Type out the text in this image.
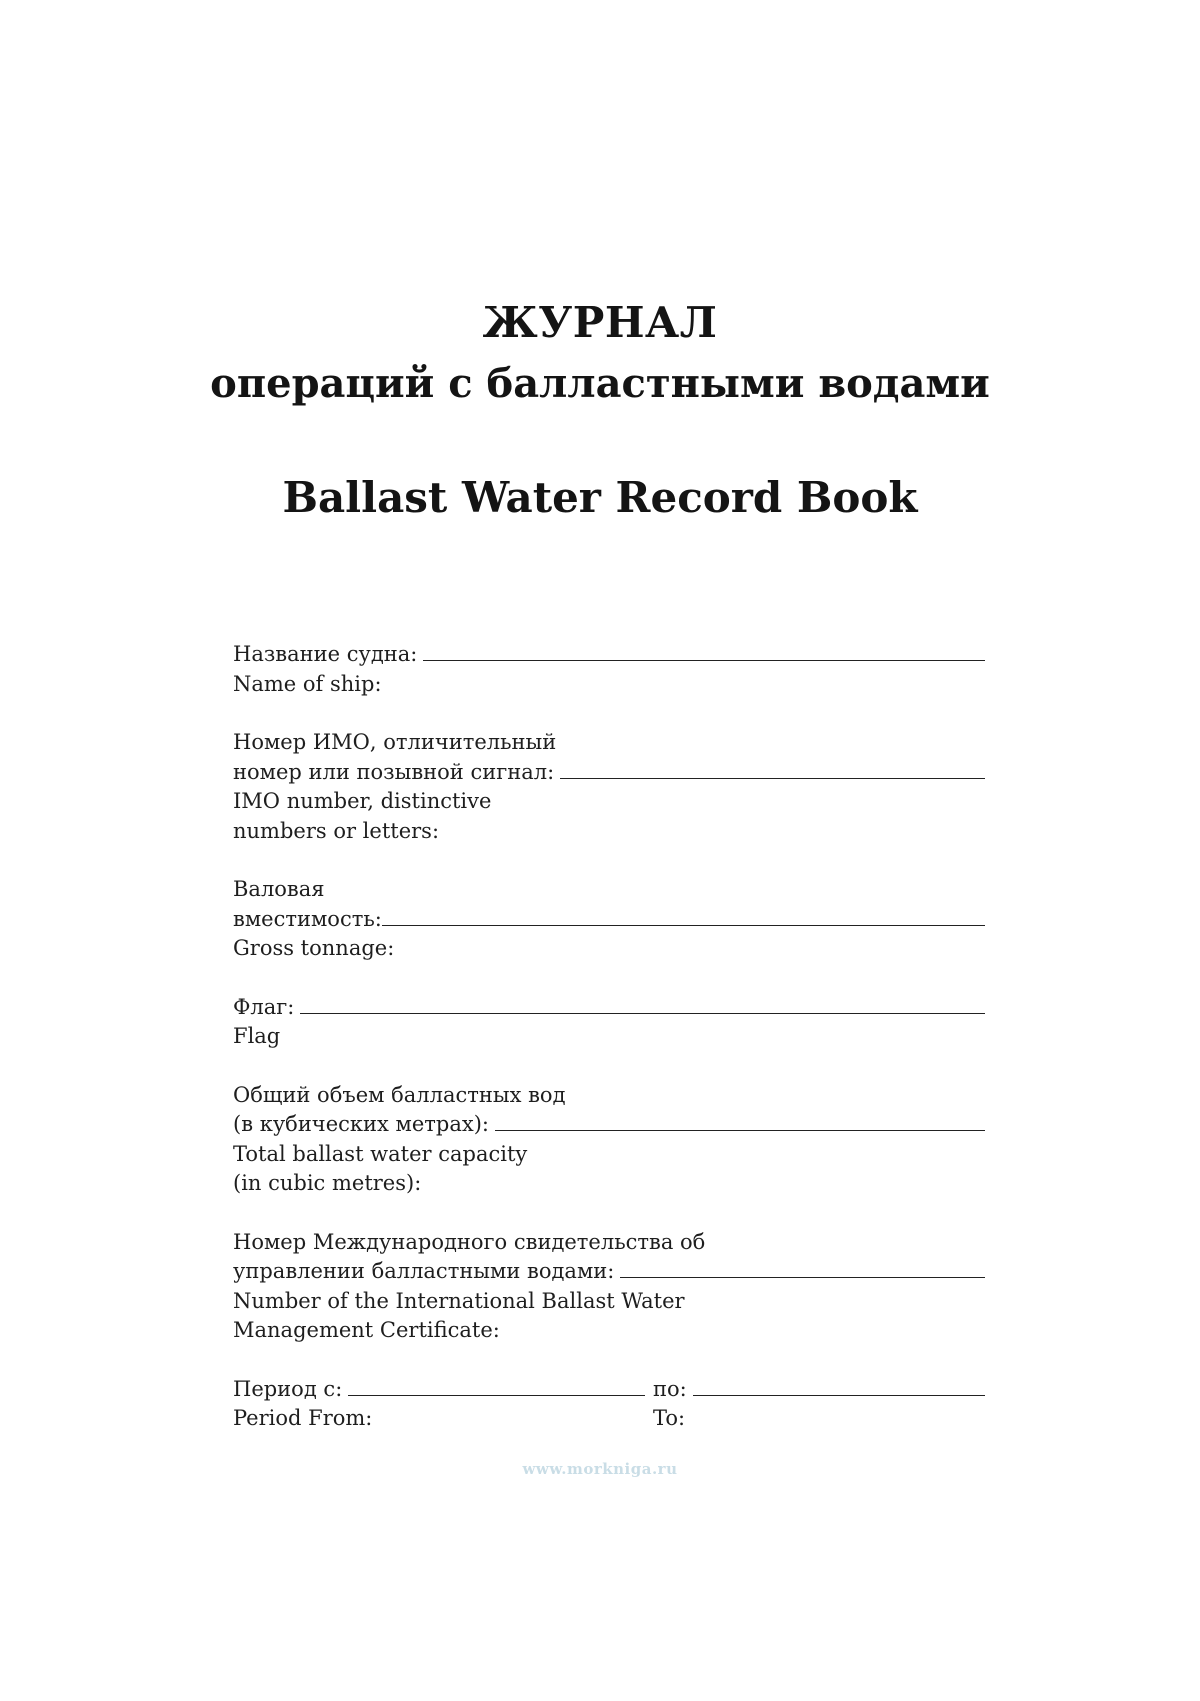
ЖУРНАЛ
операций с балластными водами
Ballast Water Record Book
Название судна:
Name of ship:
Номер ИМО, отличительный
номер или позывной сигнал:
IMO number, distinctive
numbers or letters:
Валовая
вместимость:
Gross tonnage:
Флаг:
Flag
Общий объем балластных вод
(в кубических метрах):
Total ballast water capacity
(in cubic metres):
Номер Международного свидетельства об
управлении балластными водами:
Number of the International Ballast Water
Management Certificate:
Период с:	по:
Period From:	To:
www.morkniga.ru
